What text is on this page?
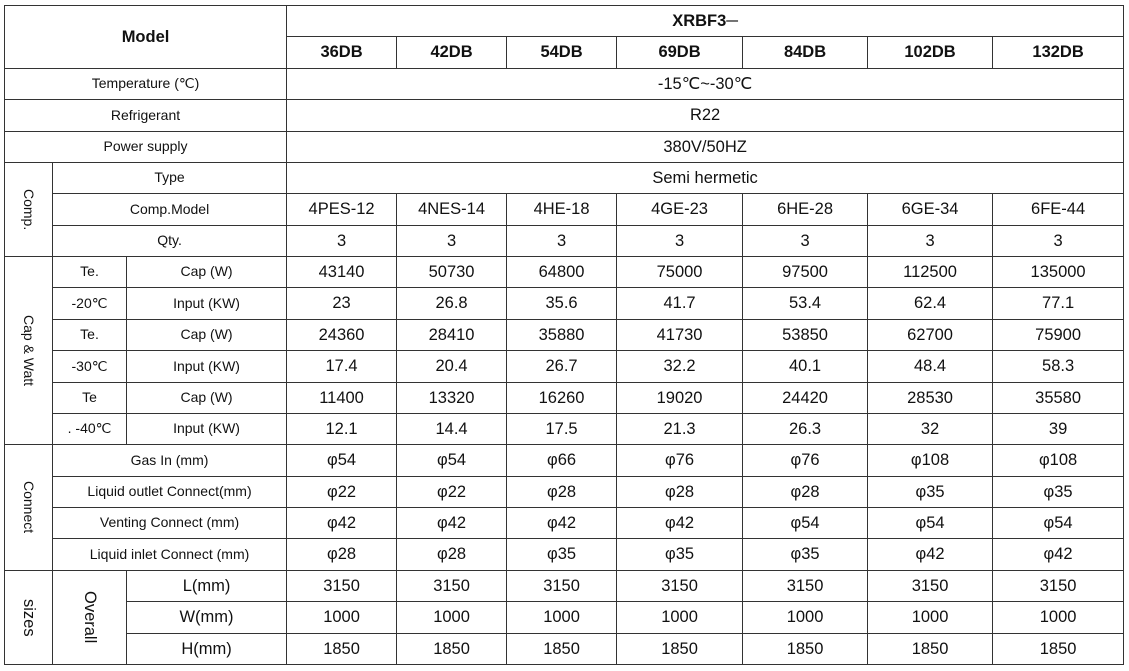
Model			XRBF3─						
			36DB	42DB	54DB	69DB	84DB	102DB	132DB
Temperature (℃)			-15℃~-30℃						
Refrigerant			R22						
Power supply			380V/50HZ						
Comp.	Type		Semi hermetic						
	Comp.Model		4PES-12	4NES-14	4HE-18	4GE-23	6HE-28	6GE-34	6FE-44
	Qty.		3	3	3	3	3	3	3
Cap & Watt	Te.	Cap (W)	43140	50730	64800	75000	97500	112500	135000
	-20℃	Input (KW)	23	26.8	35.6	41.7	53.4	62.4	77.1
	Te.	Cap (W)	24360	28410	35880	41730	53850	62700	75900
	-30℃	Input (KW)	17.4	20.4	26.7	32.2	40.1	48.4	58.3
	Te	Cap (W)	11400	13320	16260	19020	24420	28530	35580
	. -40℃	Input (KW)	12.1	14.4	17.5	21.3	26.3	32	39
Connect	Gas In (mm)		φ54	φ54	φ66	φ76	φ76	φ108	φ108
	Liquid outlet Connect(mm)		φ22	φ22	φ28	φ28	φ28	φ35	φ35
	Venting Connect (mm)		φ42	φ42	φ42	φ42	φ54	φ54	φ54
	Liquid inlet Connect (mm)		φ28	φ28	φ35	φ35	φ35	φ42	φ42
sizes	Overall	L(mm)	3150	3150	3150	3150	3150	3150	3150
		W(mm)	1000	1000	1000	1000	1000	1000	1000
		H(mm)	1850	1850	1850	1850	1850	1850	1850
